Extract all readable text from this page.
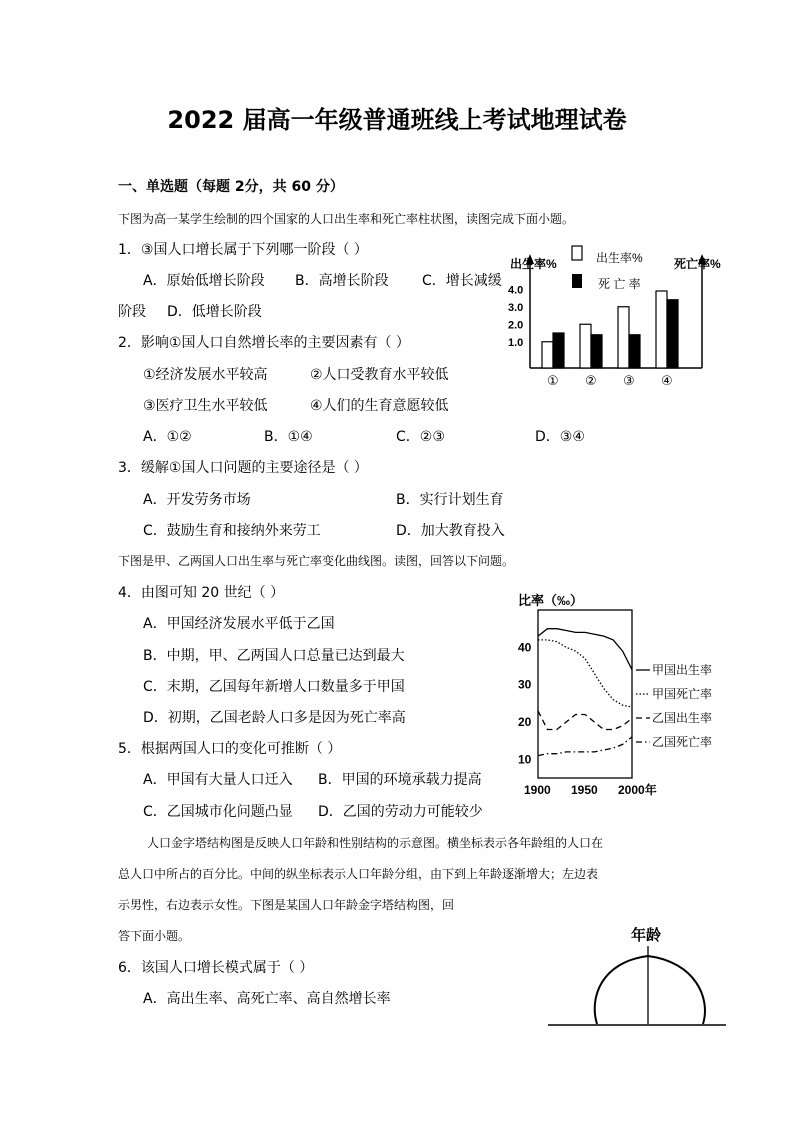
2022 届高一年级普通班线上考试地理试卷
一、单选题（每题 2分，共 60 分）
下图为高一某学生绘制的四个国家的人口出生率和死亡率柱状图，读图完成下面小题。
1．③国人口增长属于下列哪一阶段（ ）
A．原始低增长阶段 B．高增长阶段 C．增长减缓
阶段 D．低增长阶段
2．影响①国人口自然增长率的主要因素有（ ）
①经济发展水平较高	②人口受教育水平较低
③医疗卫生水平较低	④人们的生育意愿较低
A．①②	B．①④	C．②③	D．③④
3．缓解①国人口问题的主要途径是（ ）
A．开发劳务市场	B．实行计划生育
C．鼓励生育和接纳外来劳工	D．加大教育投入
下图是甲、乙两国人口出生率与死亡率变化曲线图。读图，回答以下问题。
4．由图可知 20 世纪（ ）
A．甲国经济发展水平低于乙国
B．中期，甲、乙两国人口总量已达到最大
C．末期，乙国每年新增人口数量多于甲国
D．初期，乙国老龄人口多是因为死亡率高
5．根据两国人口的变化可推断（ ）
A．甲国有大量人口迁入 B．甲国的环境承载力提高
C．乙国城市化问题凸显 D．乙国的劳动力可能较少
人口金字塔结构图是反映人口年龄和性别结构的示意图。横坐标表示各年龄组的人口在
总人口中所占的百分比。中间的纵坐标表示人口年龄分组，由下到上年龄逐渐增大；左边表
示男性，右边表示女性。下图是某国人口年龄金字塔结构图，回
答下面小题。
6．该国人口增长模式属于（ ）
A．高出生率、高死亡率、高自然增长率
出生率%	死亡率%
出生率%
死 亡 率
4.0
3.0
2.0
1.0
① ② ③ ④
比率（‰）
40
30
20
10
1900 1950 2000年
甲国出生率
甲国死亡率
乙国出生率
乙国死亡率
年龄
